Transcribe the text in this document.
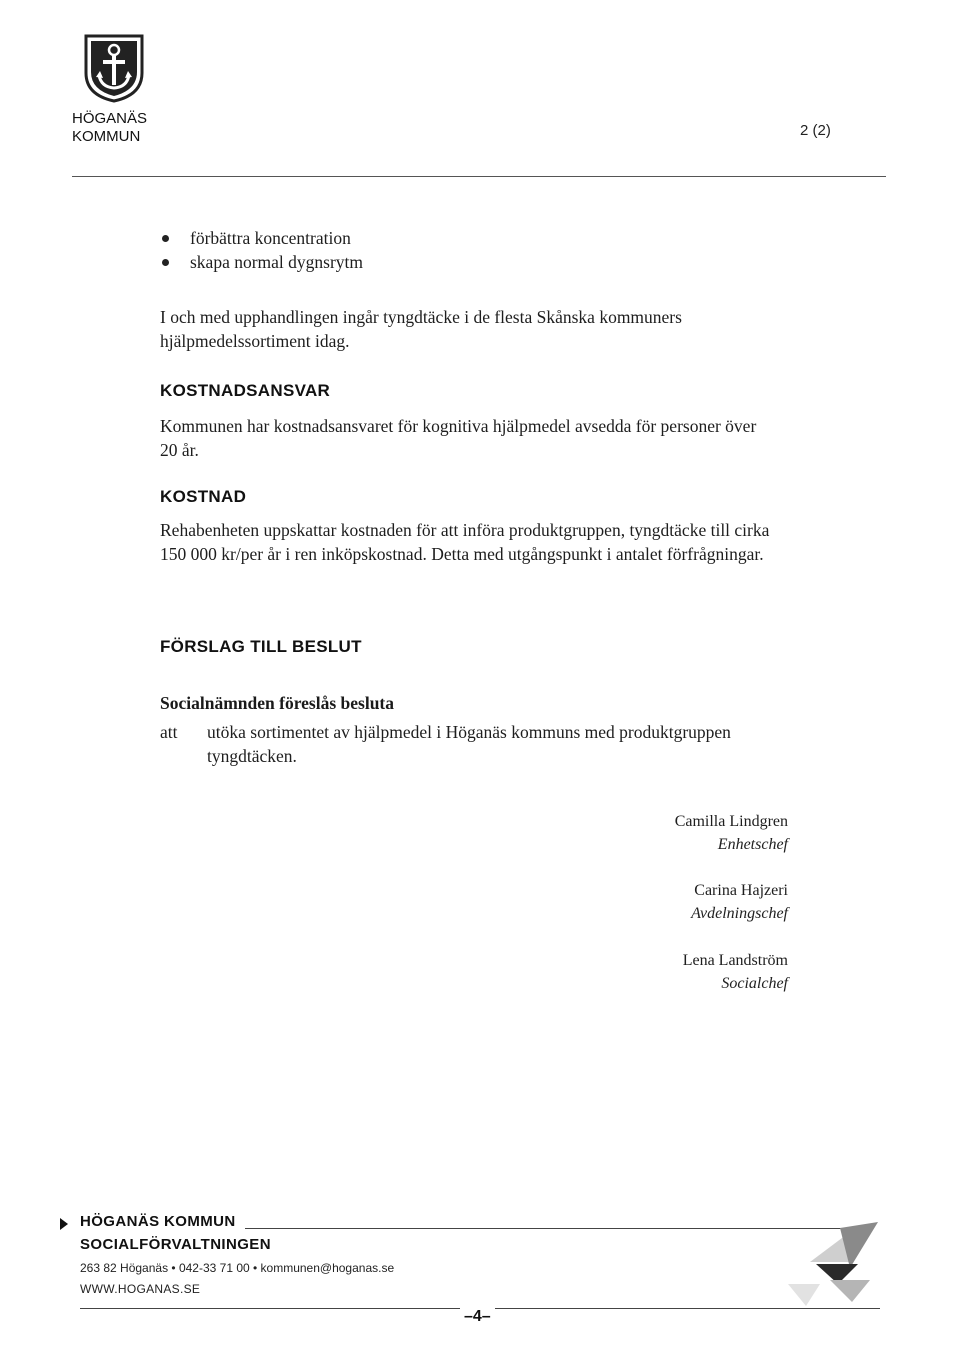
HÖGANÄS
KOMMUN	2 (2)
förbättra koncentration
skapa normal dygnsrytm
I och med upphandlingen ingår tyngdtäcke i de flesta Skånska kommuners hjälpmedelssortiment idag.
KOSTNADSANSVAR
Kommunen har kostnadsansvaret för kognitiva hjälpmedel avsedda för personer över 20 år.
KOSTNAD
Rehabenheten uppskattar kostnaden för att införa produktgruppen, tyngdtäcke till cirka 150 000 kr/per år i ren inköpskostnad. Detta med utgångspunkt i antalet förfrågningar.
FÖRSLAG TILL BESLUT
Socialnämnden föreslås besluta
att utöka sortimentet av hjälpmedel i Höganäs kommuns med produktgruppen tyngdtäcken.
Camilla Lindgren
Enhetschef
Carina Hajzeri
Avdelningschef
Lena Landström
Socialchef
HÖGANÄS KOMMUN
SOCIALFÖRVALTNINGEN
263 82 Höganäs • 042-33 71 00 • kommunen@hoganas.se
WWW.HOGANAS.SE
–4–
